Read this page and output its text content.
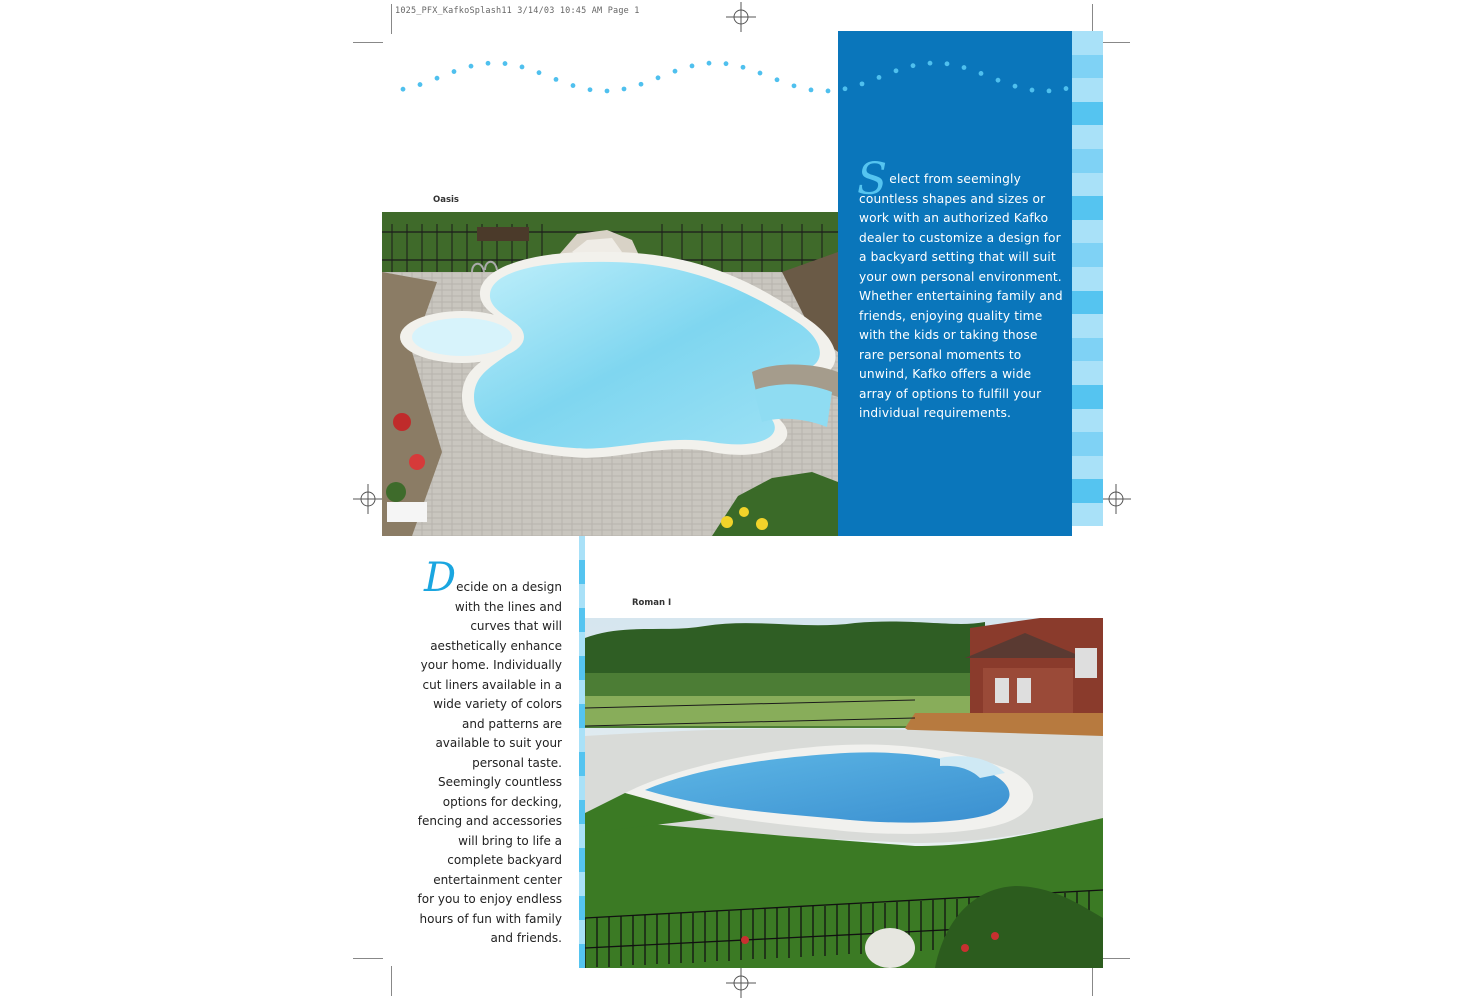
1025_PFX_KafkoSplash11 3/14/03 10:45 AM Page 1
Oasis	Select from seemingly countless shapes and sizes or work with an authorized Kafko dealer to customize a design for a backyard setting that will suit your own personal environment. Whether entertaining family and friends, enjoying quality time with the kids or taking those rare personal moments to unwind, Kafko offers a wide array of options to fulfill your individual requirements.
Decide on a design with the lines and curves that will aesthetically enhance your home. Individually cut liners available in a wide variety of colors and patterns are available to suit your personal taste. Seemingly countless options for decking, fencing and accessories will bring to life a complete backyard entertainment center for you to enjoy endless hours of fun with family and friends.
Roman I
